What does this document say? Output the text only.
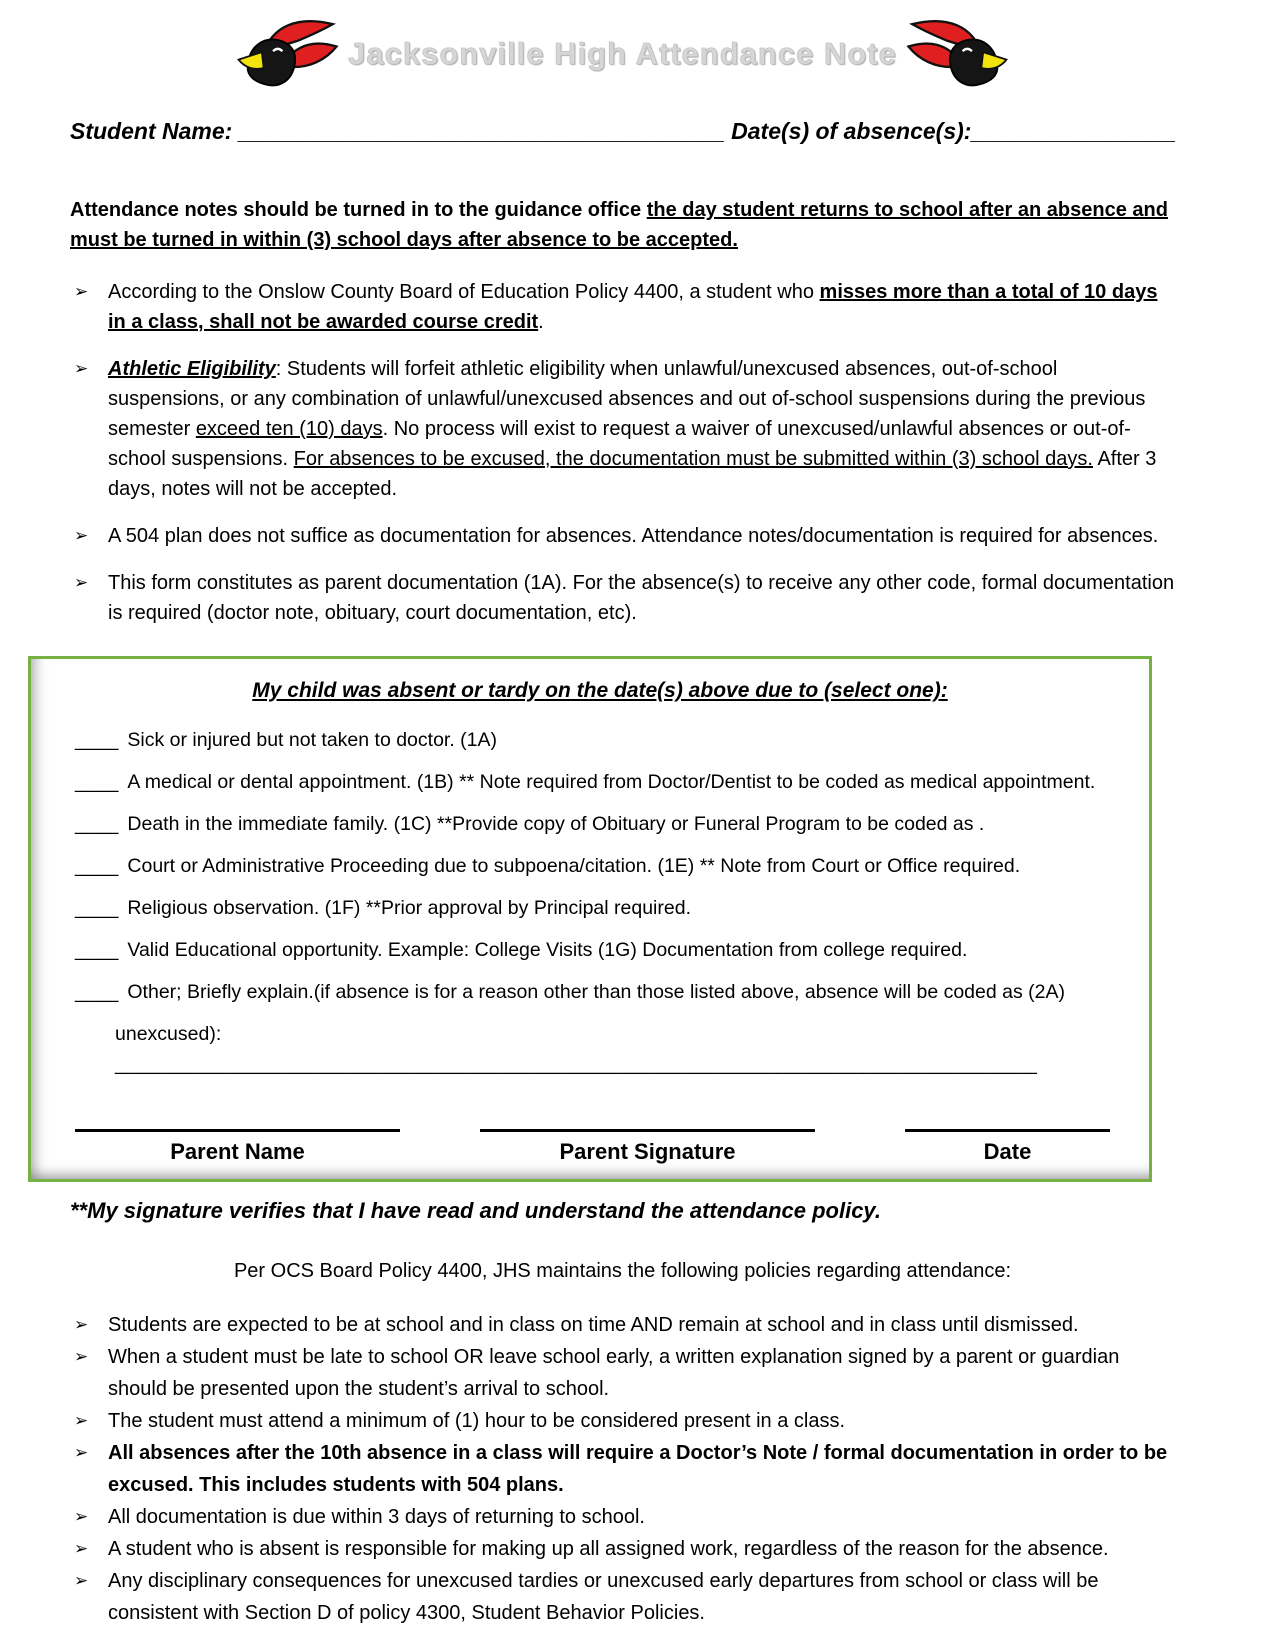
Jacksonville High Attendance Note
Student Name: ______________________________________ Date(s) of absence(s):________________

Attendance notes should be turned in to the guidance office the day student returns to school after an absence and must be turned in within (3) school days after absence to be accepted.

➢ According to the Onslow County Board of Education Policy 4400, a student who misses more than a total of 10 days in a class, shall not be awarded course credit.
➢ Athletic Eligibility: Students will forfeit athletic eligibility when unlawful/unexcused absences, out-of-school suspensions, or any combination of unlawful/unexcused absences and out of-school suspensions during the previous semester exceed ten (10) days. No process will exist to request a waiver of unexcused/unlawful absences or out-of-school suspensions. For absences to be excused, the documentation must be submitted within (3) school days. After 3 days, notes will not be accepted.
➢ A 504 plan does not suffice as documentation for absences. Attendance notes/documentation is required for absences.
➢ This form constitutes as parent documentation (1A). For the absence(s) to receive any other code, formal documentation is required (doctor note, obituary, court documentation, etc).
My child was absent or tardy on the date(s) above due to (select one):
____ Sick or injured but not taken to doctor. (1A)
____ A medical or dental appointment. (1B) ** Note required from Doctor/Dentist to be coded as medical appointment.
____ Death in the immediate family. (1C) **Provide copy of Obituary or Funeral Program to be coded as .
____ Court or Administrative Proceeding due to subpoena/citation. (1E) ** Note from Court or Office required.
____ Religious observation. (1F) **Prior approval by Principal required.
____ Valid Educational opportunity. Example: College Visits (1G) Documentation from college required.
____ Other; Briefly explain.(if absence is for a reason other than those listed above, absence will be coded as (2A)
unexcused): _____________________________________________________________________________________
Parent Name	Parent Signature	Date

**My signature verifies that I have read and understand the attendance policy.

Per OCS Board Policy 4400, JHS maintains the following policies regarding attendance:

➢ Students are expected to be at school and in class on time AND remain at school and in class until dismissed.
➢ When a student must be late to school OR leave school early, a written explanation signed by a parent or guardian should be presented upon the student’s arrival to school.
➢ The student must attend a minimum of (1) hour to be considered present in a class.
➢ All absences after the 10th absence in a class will require a Doctor’s Note / formal documentation in order to be excused. This includes students with 504 plans.
➢ All documentation is due within 3 days of returning to school.
➢ A student who is absent is responsible for making up all assigned work, regardless of the reason for the absence.
➢ Any disciplinary consequences for unexcused tardies or unexcused early departures from school or class will be consistent with Section D of policy 4300, Student Behavior Policies.
